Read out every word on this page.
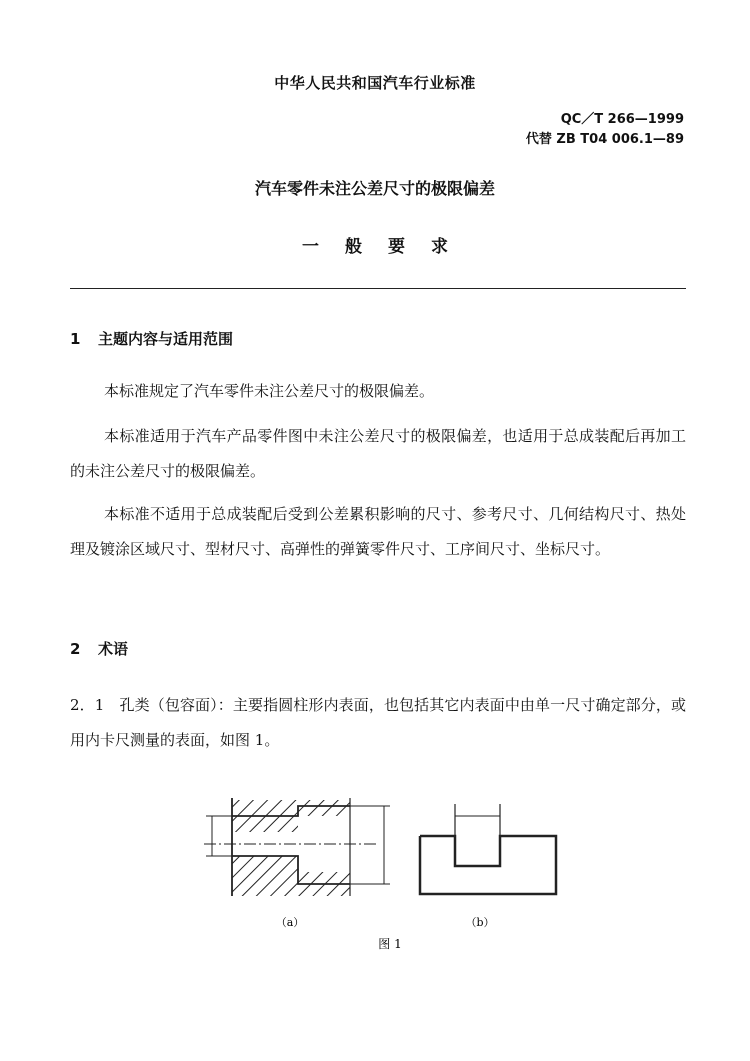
中华人民共和国汽车行业标准
QC／T 266—1999
代替 ZB T04 006.1—89
汽车零件未注公差尺寸的极限偏差
一 般 要 求
1 主题内容与适用范围
本标准规定了汽车零件未注公差尺寸的极限偏差。
本标准适用于汽车产品零件图中未注公差尺寸的极限偏差，也适用于总成装配后再加工的未注公差尺寸的极限偏差。
本标准不适用于总成装配后受到公差累积影响的尺寸、参考尺寸、几何结构尺寸、热处理及镀涂区域尺寸、型材尺寸、高弹性的弹簧零件尺寸、工序间尺寸、坐标尺寸。
2 术语
2．1　孔类（包容面）：主要指圆柱形内表面，也包括其它内表面中由单一尺寸确定部分，或用内卡尺测量的表面，如图 1。
（a）	（b）
图 1
